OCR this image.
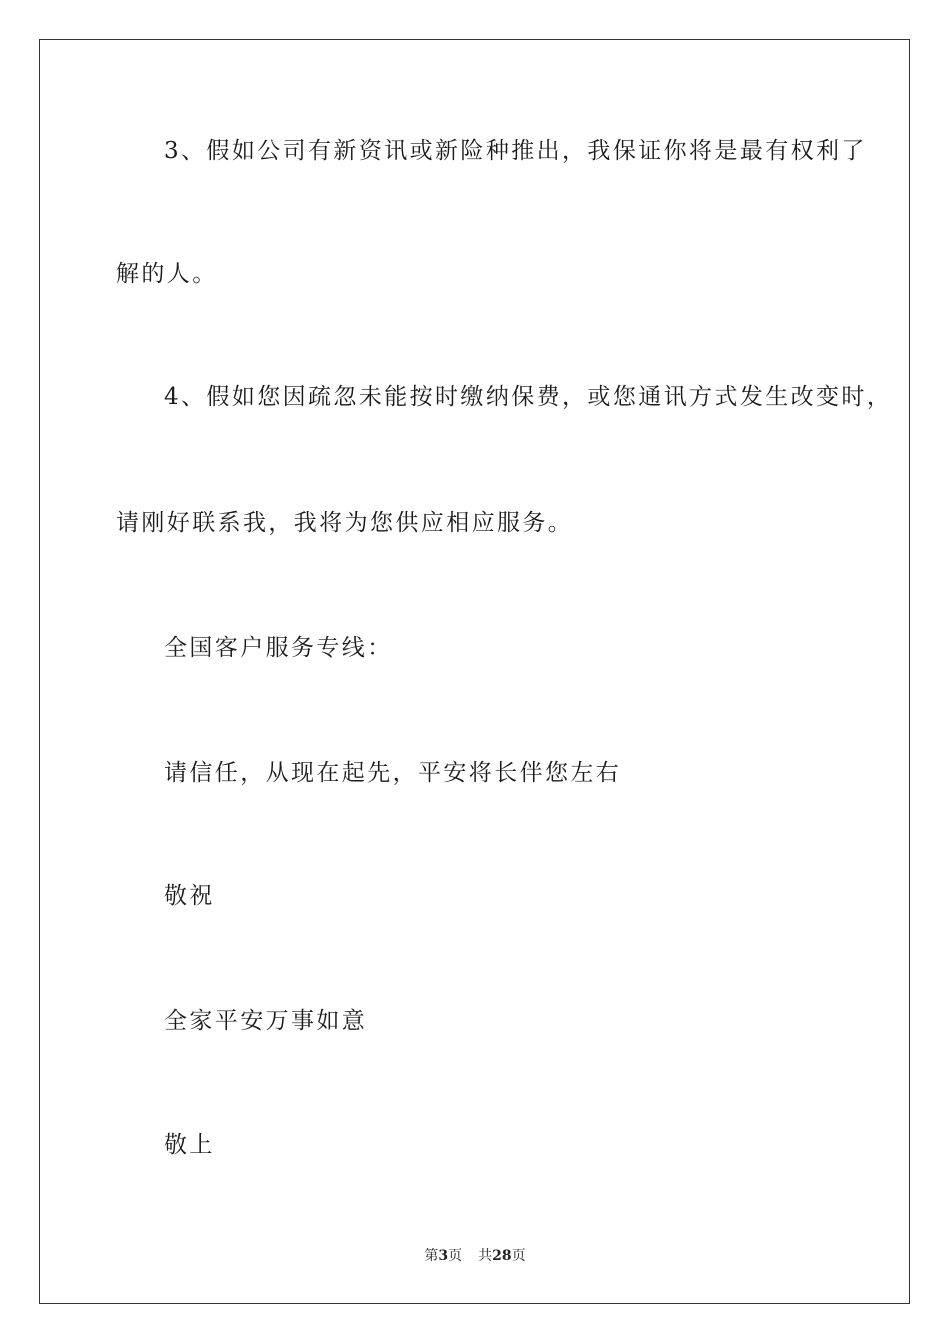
3、假如公司有新资讯或新险种推出，我保证你将是最有权利了
解的人。
4、假如您因疏忽未能按时缴纳保费，或您通讯方式发生改变时，
请刚好联系我，我将为您供应相应服务。
全国客户服务专线：
请信任，从现在起先，平安将长伴您左右
敬祝
全家平安万事如意
敬上
第3页 共28页
